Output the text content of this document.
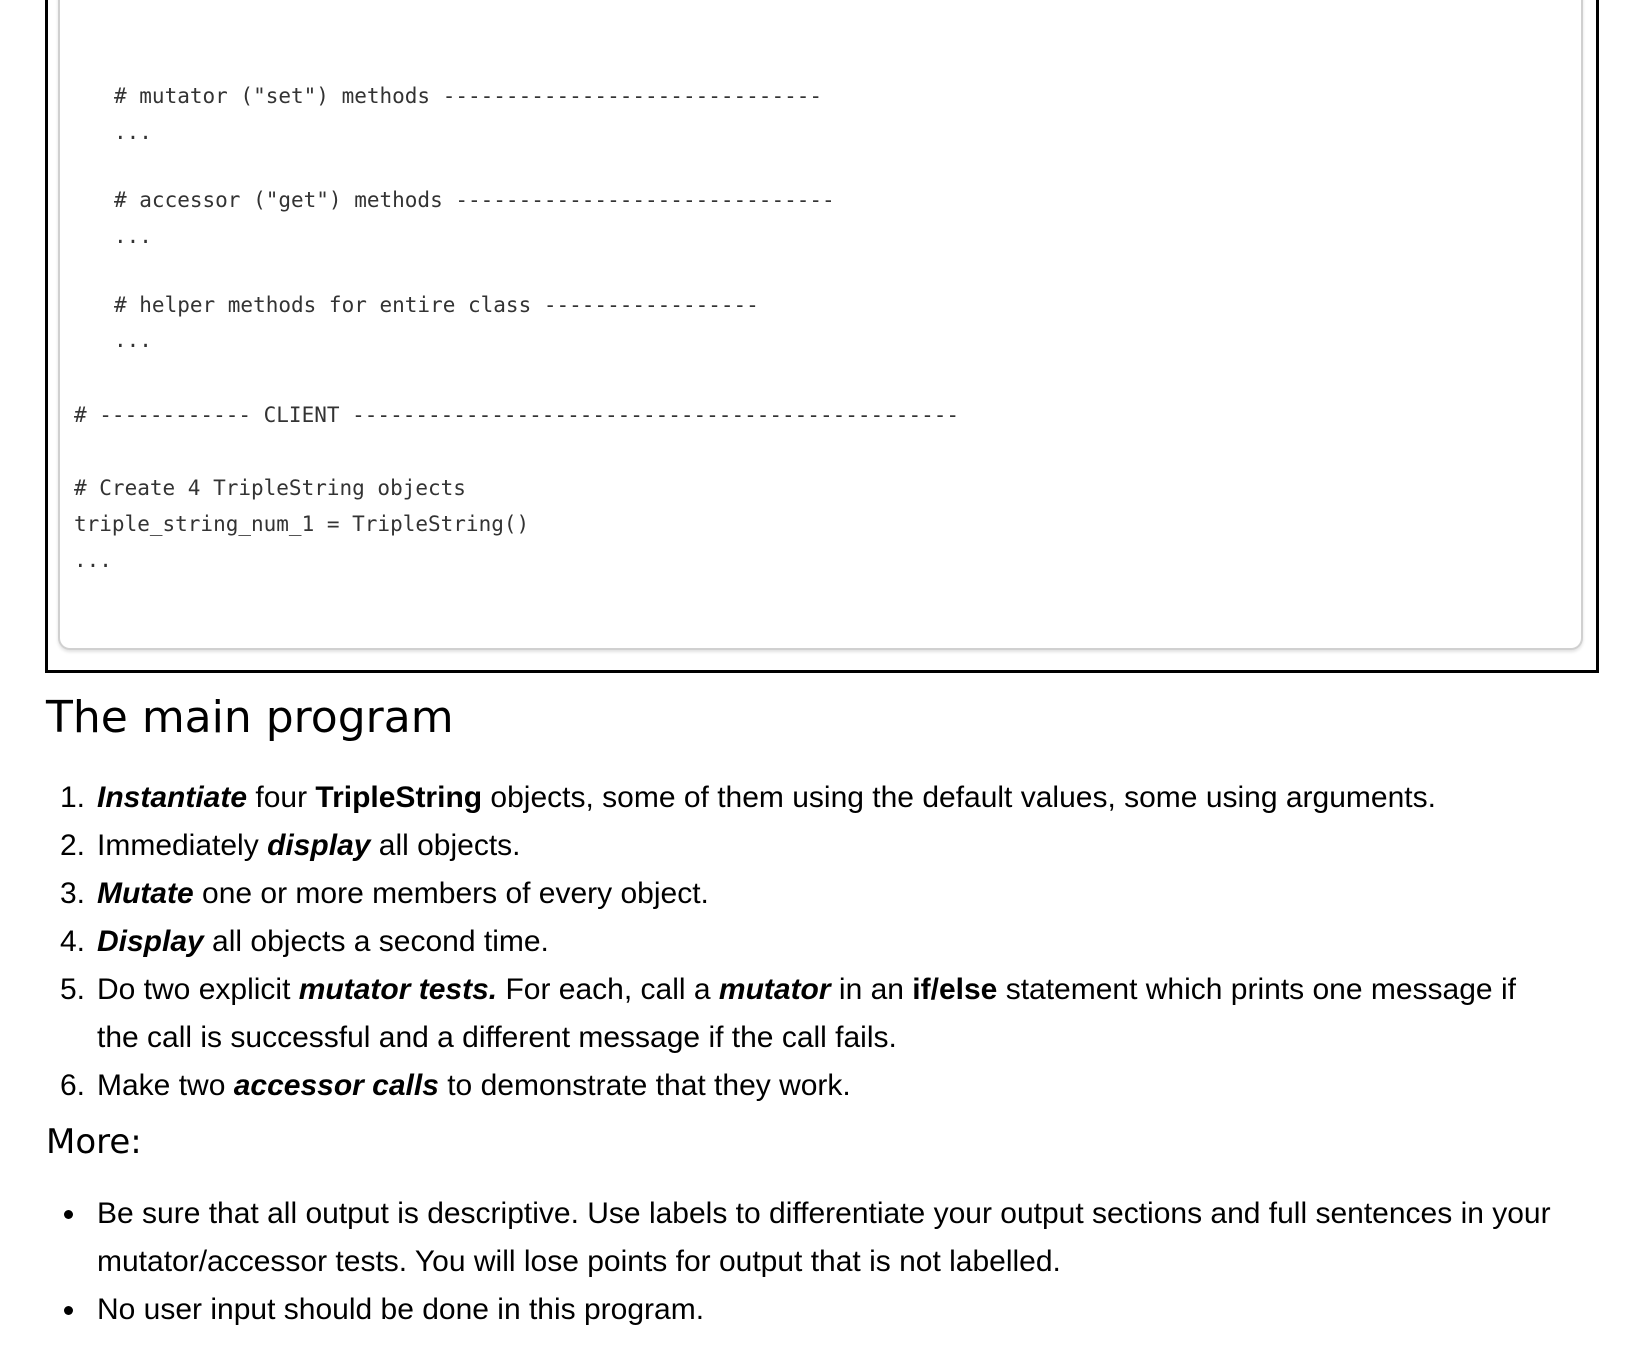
# mutator ("set") methods ------------------------------
...
# accessor ("get") methods ------------------------------
...
# helper methods for entire class -----------------
...
# ------------ CLIENT ------------------------------------------------
# Create 4 TripleString objects
triple_string_num_1 = TripleString()
...
The main program
1. Instantiate four TripleString objects, some of them using the default values, some using arguments.
2. Immediately display all objects.
3. Mutate one or more members of every object.
4. Display all objects a second time.
5. Do two explicit mutator tests. For each, call a mutator in an if/else statement which prints one message if the call is successful and a different message if the call fails.
6. Make two accessor calls to demonstrate that they work.
More:
Be sure that all output is descriptive. Use labels to differentiate your output sections and full sentences in your mutator/accessor tests. You will lose points for output that is not labelled.
No user input should be done in this program.
